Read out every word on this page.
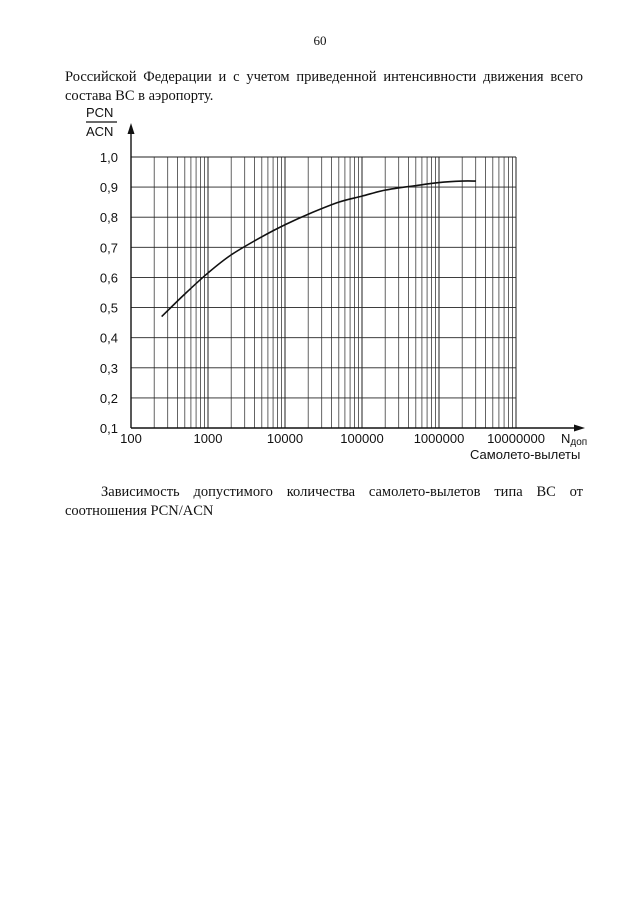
60
Российской Федерации и с учетом приведенной интенсивности движения всего
состава ВС в аэропорту.
0,1
0,2
0,3
0,4
0,5
0,6
0,7
0,8
0,9
1,0
100	1000	10000	100000 1000000 10000000
PCN
ACN
Nдоп
Самолето-вылеты
Зависимость допустимого количества самолето-вылетов типа ВС от
соотношения PCN/ACN
